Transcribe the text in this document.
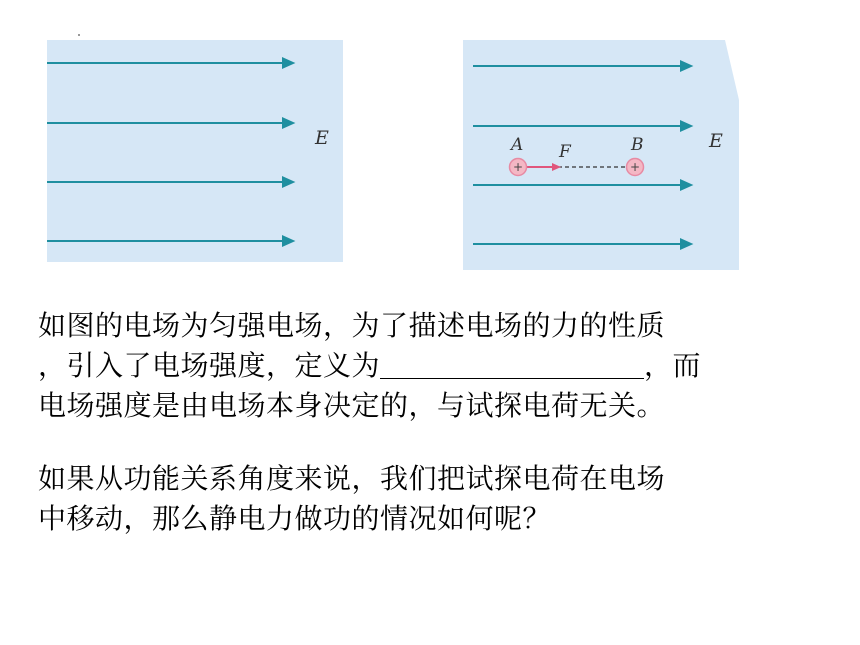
E	E
+	+
A F	B
如图的电场为匀强电场，为了描述电场的力的性质
，引入了电场强度，定义为	，而
电场强度是由电场本身决定的，与试探电荷无关。
如果从功能关系角度来说，我们把试探电荷在电场
中移动，那么静电力做功的情况如何呢？
